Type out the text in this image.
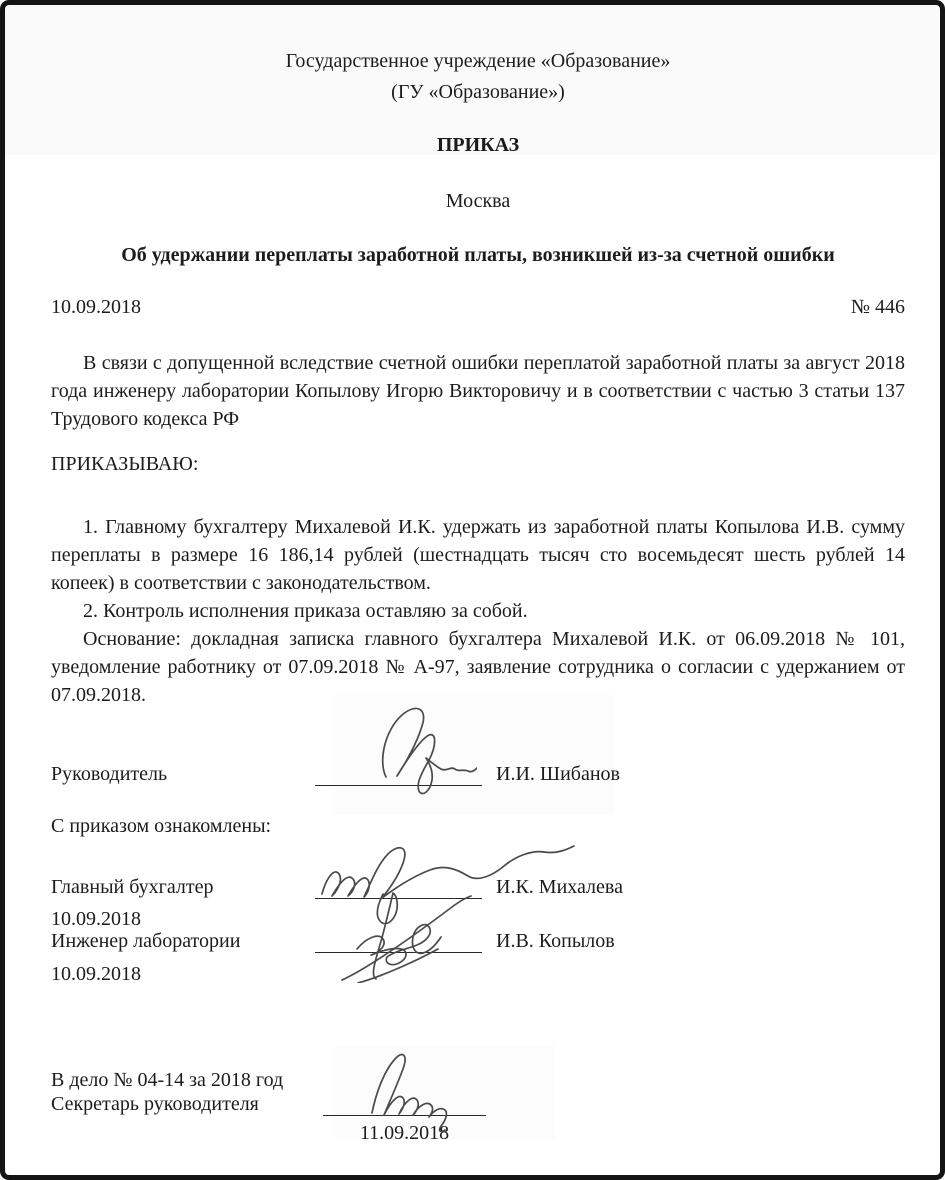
Государственное учреждение «Образование»
(ГУ «Образование»)
ПРИКАЗ
Москва
Об удержании переплаты заработной платы, возникшей из-за счетной ошибки
10.09.2018	№ 446
В связи с допущенной вследствие счетной ошибки переплатой заработной платы за август 2018 года инженеру лаборатории Копылову Игорю Викторовичу и в соответствии с частью 3 статьи 137 Трудового кодекса РФ
ПРИКАЗЫВАЮ:

1. Главному бухгалтеру Михалевой И.К. удержать из заработной платы Копылова И.В. сумму переплаты в размере 16 186,14 рублей (шестнадцать тысяч сто восемьдесят шесть рублей 14 копеек) в соответствии с законодательством.

2. Контроль исполнения приказа оставляю за собой.

Основание: докладная записка главного бухгалтера Михалевой И.К. от 06.09.2018 № 101, уведомление работнику от 07.09.2018 № А-97, заявление сотрудника о согласии с удержанием от 07.09.2018.

Руководитель	И.И. Шибанов
С приказом ознакомлены:
Главный бухгалтер	И.К. Михалева
10.09.2018
Инженер лаборатории	И.В. Копылов
10.09.2018
В дело № 04-14 за 2018 год
Секретарь руководителя
11.09.2018
